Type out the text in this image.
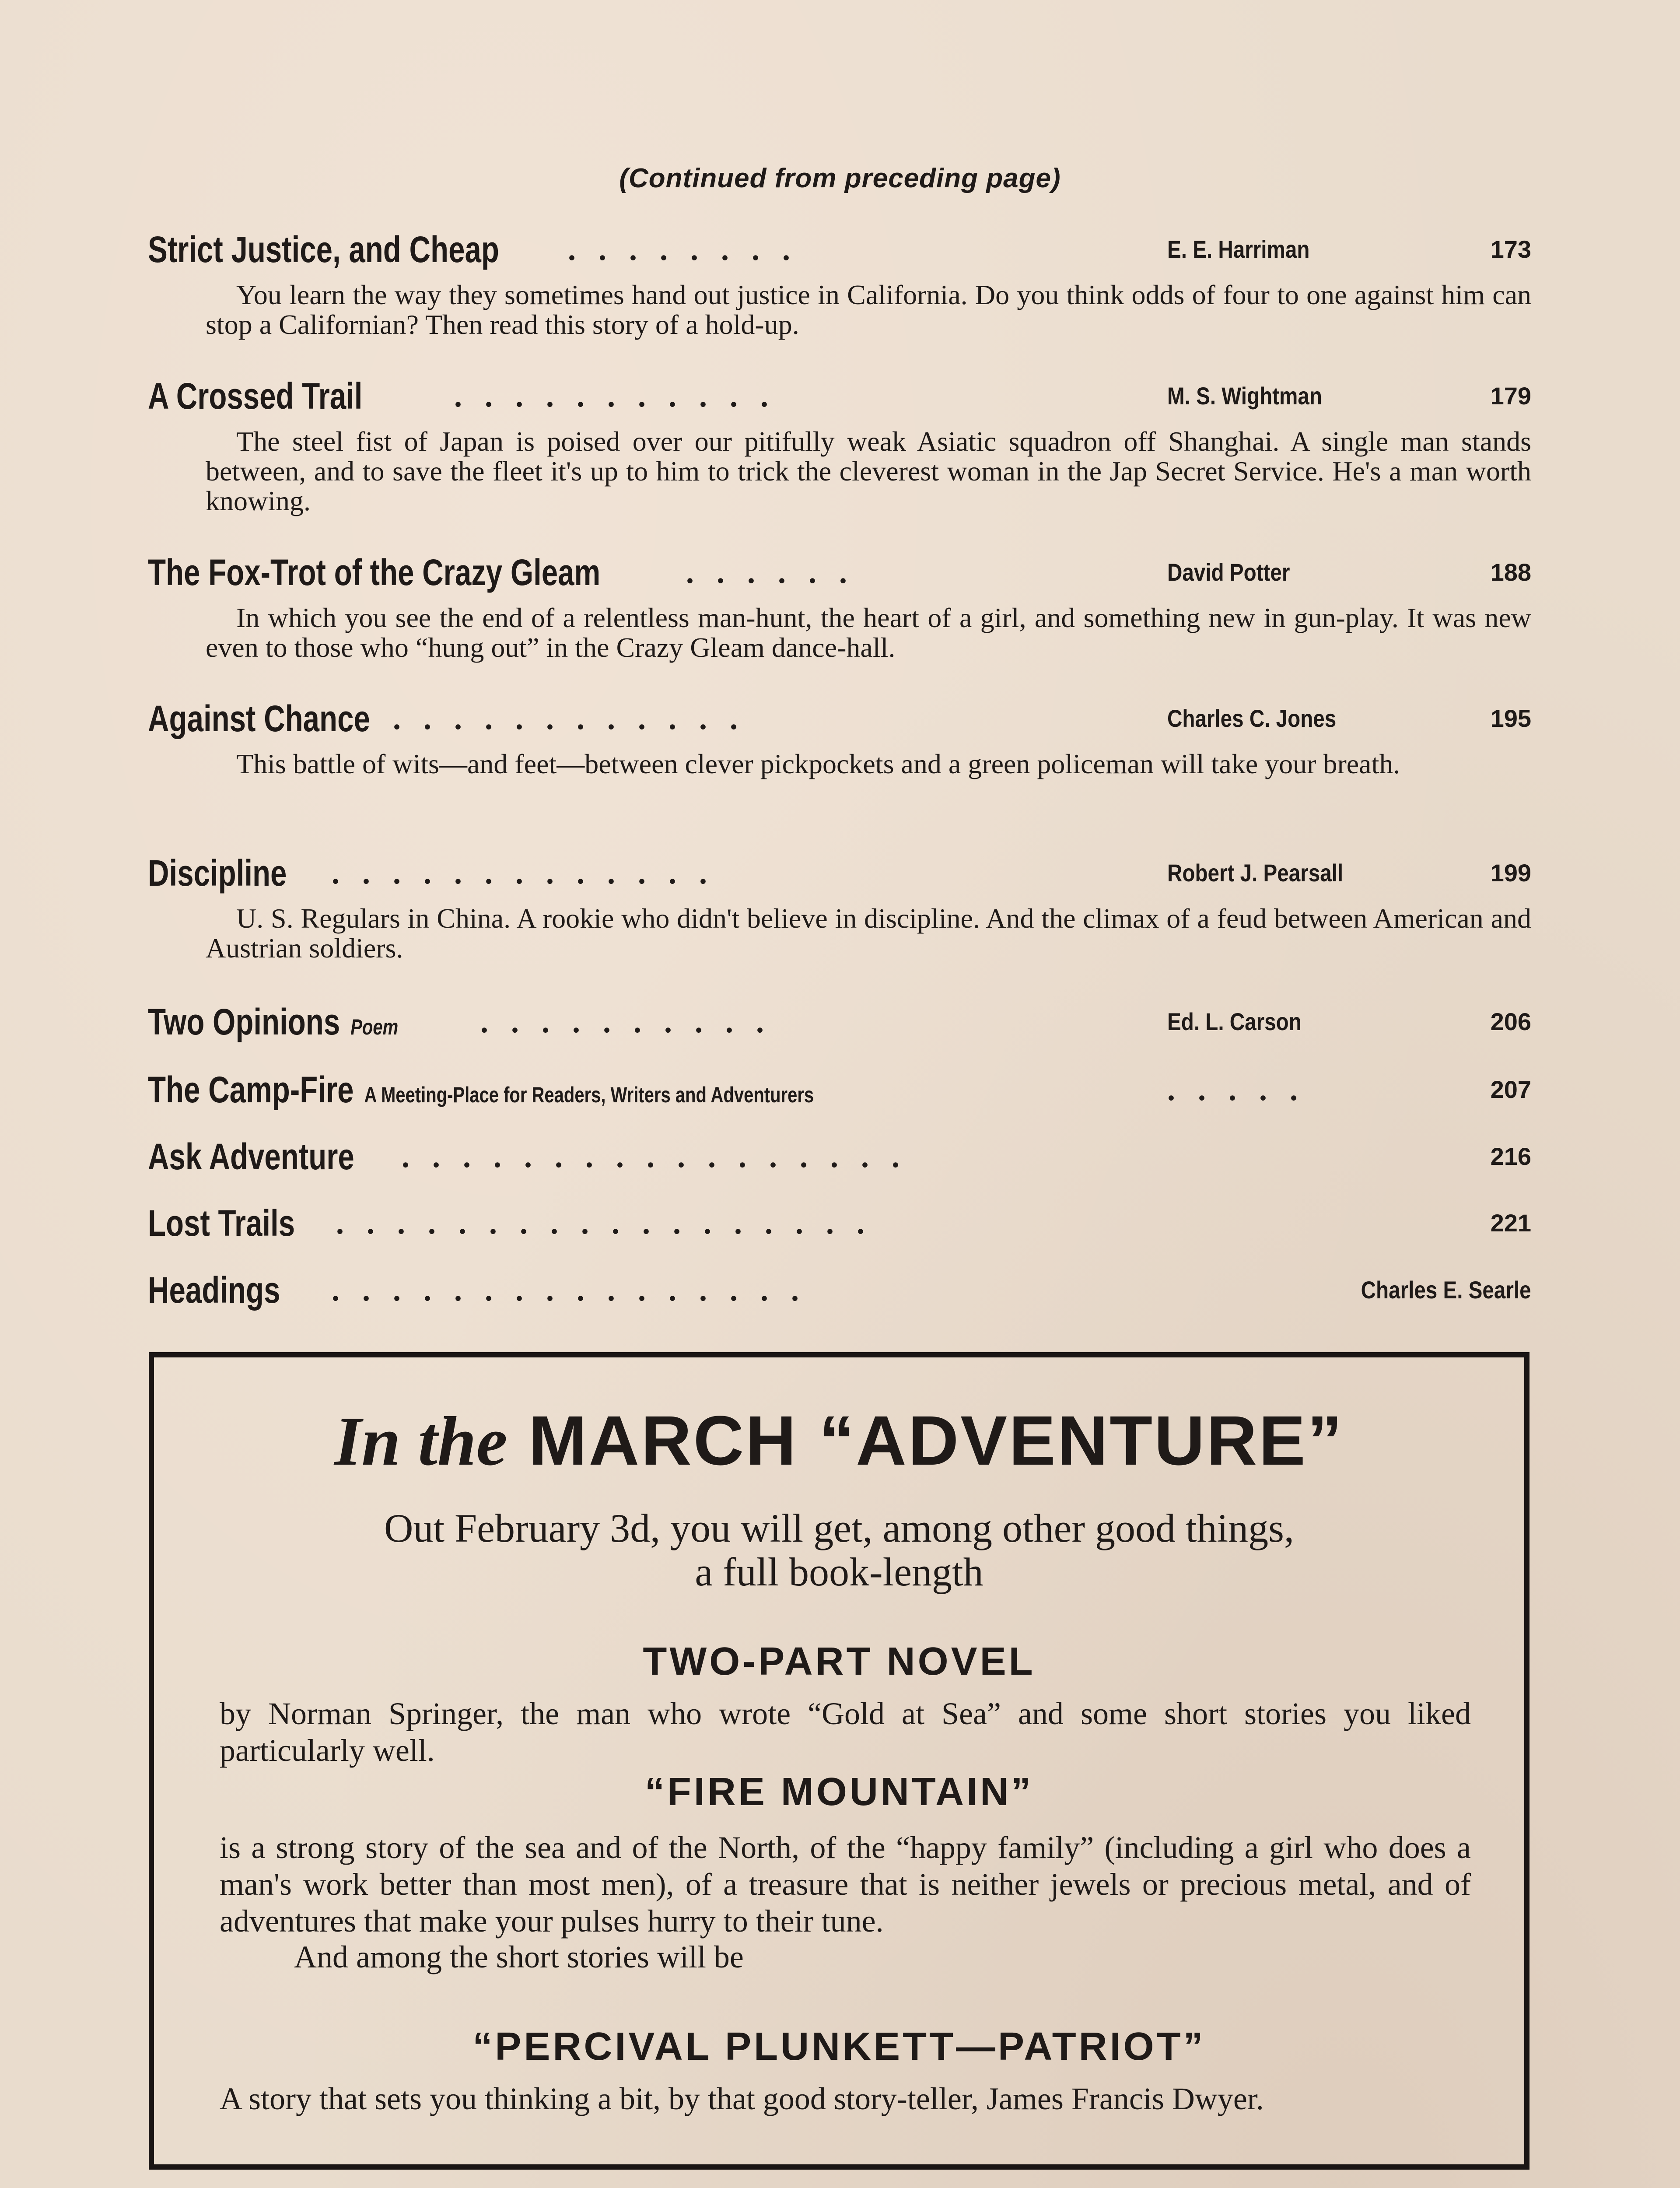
(Continued from preceding page)
Strict Justice, and Cheap ........	E. E. Harriman	173
You learn the way they sometimes hand out justice in California. Do you think odds of four to one against him can stop a Californian? Then read this story of a hold-up.
A Crossed Trail	...........	M. S. Wightman	179
The steel fist of Japan is poised over our pitifully weak Asiatic squadron off Shanghai. A single man stands between, and to save the fleet it's up to him to trick the cleverest woman in the Jap Secret Service. He's a man worth knowing.
The Fox-Trot of the Crazy Gleam	......	David Potter	188
In which you see the end of a relentless man-hunt, the heart of a girl, and something new in gun-play. It was new even to those who “hung out” in the Crazy Gleam dance-hall.
Against Chance ............	Charles C. Jones	195
This battle of wits—and feet—between clever pickpockets and a green policeman will take your breath.
Discipline .............	Robert J. Pearsall	199
U. S. Regulars in China. A rookie who didn't believe in discipline. And the climax of a feud between American and Austrian soldiers.
Two Opinions Poem	..........	Ed. L. Carson	206
The Camp-Fire A Meeting-Place for Readers, Writers and Adventurers	.....	207
Ask Adventure .................	216
Lost Trails ..................	221
Headings ................	Charles E. Searle
In the MARCH “ADVENTURE”
Out February 3d, you will get, among other good things,
a full book-length
TWO-PART NOVEL
by Norman Springer, the man who wrote “Gold at Sea” and some short stories you liked particularly well.
“FIRE MOUNTAIN”
is a strong story of the sea and of the North, of the “happy family” (including a girl who does a man's work better than most men), of a treasure that is neither jewels or precious metal, and of adventures that make your pulses hurry to their tune.
And among the short stories will be
“PERCIVAL PLUNKETT—PATRIOT”
A story that sets you thinking a bit, by that good story-teller, James Francis Dwyer.
